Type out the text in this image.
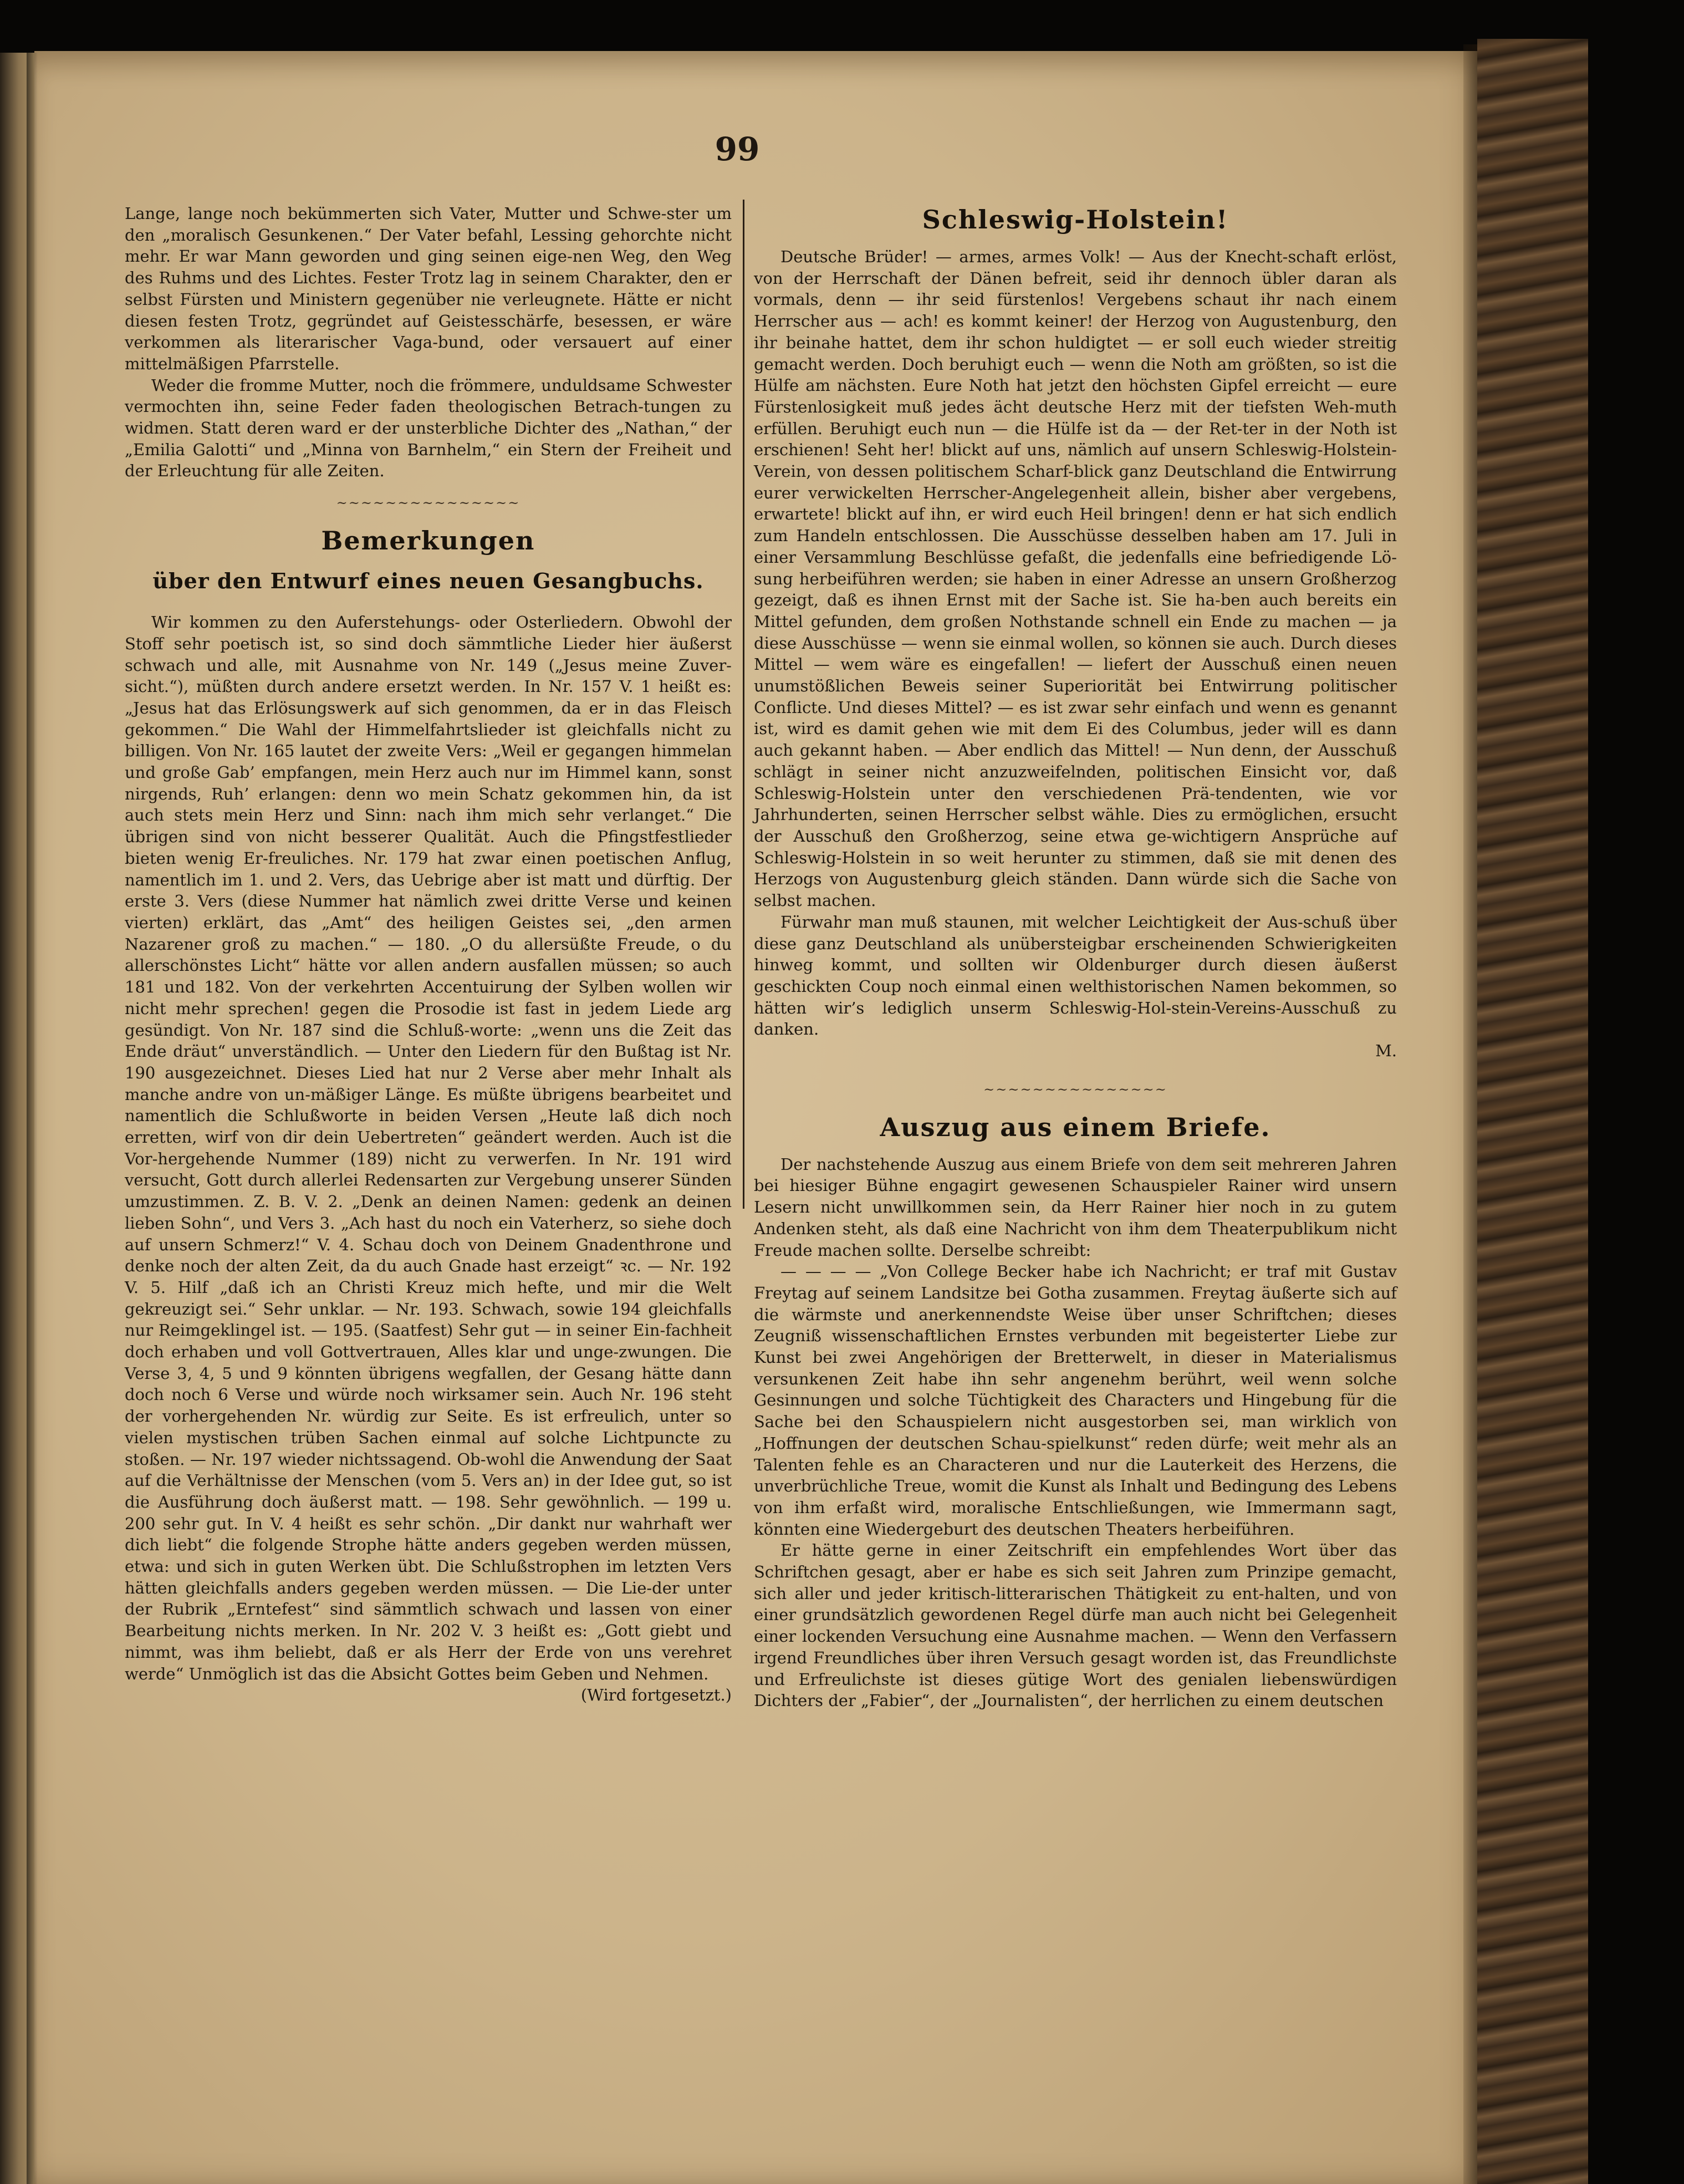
99

Lange, lange noch bekümmerten sich Vater, Mutter und Schwe-ster um den „moralisch Gesunkenen.“ Der Vater befahl, Lessing gehorchte nicht mehr. Er war Mann geworden und ging seinen eige-nen Weg, den Weg des Ruhms und des Lichtes. Fester Trotz lag in seinem Charakter, den er selbst Fürsten und Ministern gegenüber nie verleugnete. Hätte er nicht diesen festen Trotz, gegründet auf Geistesschärfe, besessen, er wäre verkommen als literarischer Vaga-bund, oder versauert auf einer mittelmäßigen Pfarrstelle.

Weder die fromme Mutter, noch die frömmere, unduldsame Schwester vermochten ihn, seine Feder faden theologischen Betrach-tungen zu widmen. Statt deren ward er der unsterbliche Dichter des „Nathan,“ der „Emilia Galotti“ und „Minna von Barnhelm,“ ein Stern der Freiheit und der Erleuchtung für alle Zeiten.

~~~~~~~~~~~~~~~
Bemerkungen
über den Entwurf eines neuen Gesangbuchs.

Wir kommen zu den Auferstehungs- oder Osterliedern. Obwohl der Stoff sehr poetisch ist, so sind doch sämmtliche Lieder hier äußerst schwach und alle, mit Ausnahme von Nr. 149 („Jesus meine Zuver-sicht.“), müßten durch andere ersetzt werden. In Nr. 157 V. 1 heißt es: „Jesus hat das Erlösungswerk auf sich genommen, da er in das Fleisch gekommen.“ Die Wahl der Himmelfahrtslieder ist gleichfalls nicht zu billigen. Von Nr. 165 lautet der zweite Vers: „Weil er gegangen himmelan und große Gab’ empfangen, mein Herz auch nur im Himmel kann, sonst nirgends, Ruh’ erlangen: denn wo mein Schatz gekommen hin, da ist auch stets mein Herz und Sinn: nach ihm mich sehr verlanget.“ Die übrigen sind von nicht besserer Qualität. Auch die Pfingstfestlieder bieten wenig Er-freuliches. Nr. 179 hat zwar einen poetischen Anflug, namentlich im 1. und 2. Vers, das Uebrige aber ist matt und dürftig. Der erste 3. Vers (diese Nummer hat nämlich zwei dritte Verse und keinen vierten) erklärt, das „Amt“ des heiligen Geistes sei, „den armen Nazarener groß zu machen.“ — 180. „O du allersüßte Freude, o du allerschönstes Licht“ hätte vor allen andern ausfallen müssen; so auch 181 und 182. Von der verkehrten Accentuirung der Sylben wollen wir nicht mehr sprechen! gegen die Prosodie ist fast in jedem Liede arg gesündigt. Von Nr. 187 sind die Schluß-worte: „wenn uns die Zeit das Ende dräut“ unverständlich. — Unter den Liedern für den Bußtag ist Nr. 190 ausgezeichnet. Dieses Lied hat nur 2 Verse aber mehr Inhalt als manche andre von un-mäßiger Länge. Es müßte übrigens bearbeitet und namentlich die Schlußworte in beiden Versen „Heute laß dich noch erretten, wirf von dir dein Uebertreten“ geändert werden. Auch ist die Vor-hergehende Nummer (189) nicht zu verwerfen. In Nr. 191 wird versucht, Gott durch allerlei Redensarten zur Vergebung unserer Sünden umzustimmen. Z. B. V. 2. „Denk an deinen Namen: gedenk an deinen lieben Sohn“, und Vers 3. „Ach hast du noch ein Vaterherz, so siehe doch auf unsern Schmerz!“ V. 4. Schau doch von Deinem Gnadenthrone und denke noch der alten Zeit, da du auch Gnade hast erzeigt“ ꝛc. — Nr. 192 V. 5. Hilf „daß ich an Christi Kreuz mich hefte, und mir die Welt gekreuzigt sei.“ Sehr unklar. — Nr. 193. Schwach, sowie 194 gleichfalls nur Reimgeklingel ist. — 195. (Saatfest) Sehr gut — in seiner Ein-fachheit doch erhaben und voll Gottvertrauen, Alles klar und unge-zwungen. Die Verse 3, 4, 5 und 9 könnten übrigens wegfallen, der Gesang hätte dann doch noch 6 Verse und würde noch wirksamer sein. Auch Nr. 196 steht der vorhergehenden Nr. würdig zur Seite. Es ist erfreulich, unter so vielen mystischen trüben Sachen einmal auf solche Lichtpuncte zu stoßen. — Nr. 197 wieder nichtssagend. Ob-wohl die Anwendung der Saat auf die Verhältnisse der Menschen (vom 5. Vers an) in der Idee gut, so ist die Ausführung doch äußerst matt. — 198. Sehr gewöhnlich. — 199 u. 200 sehr gut. In V. 4 heißt es sehr schön. „Dir dankt nur wahrhaft wer dich liebt“ die folgende Strophe hätte anders gegeben werden müssen, etwa: und sich in guten Werken übt. Die Schlußstrophen im letzten Vers hätten gleichfalls anders gegeben werden müssen. — Die Lie-der unter der Rubrik „Erntefest“ sind sämmtlich schwach und lassen von einer Bearbeitung nichts merken. In Nr. 202 V. 3 heißt es: „Gott giebt und nimmt, was ihm beliebt, daß er als Herr der Erde von uns verehret werde“ Unmöglich ist das die Absicht Gottes beim Geben und Nehmen.

(Wird fortgesetzt.)

Schleswig-Holstein!

Deutsche Brüder! — armes, armes Volk! — Aus der Knecht-schaft erlöst, von der Herrschaft der Dänen befreit, seid ihr dennoch übler daran als vormals, denn — ihr seid fürstenlos! Vergebens schaut ihr nach einem Herrscher aus — ach! es kommt keiner! der Herzog von Augustenburg, den ihr beinahe hattet, dem ihr schon huldigtet — er soll euch wieder streitig gemacht werden. Doch beruhigt euch — wenn die Noth am größten, so ist die Hülfe am nächsten. Eure Noth hat jetzt den höchsten Gipfel erreicht — eure Fürstenlosigkeit muß jedes ächt deutsche Herz mit der tiefsten Weh-muth erfüllen. Beruhigt euch nun — die Hülfe ist da — der Ret-ter in der Noth ist erschienen! Seht her! blickt auf uns, nämlich auf unsern Schleswig-Holstein-Verein, von dessen politischem Scharf-blick ganz Deutschland die Entwirrung eurer verwickelten Herrscher-Angelegenheit allein, bisher aber vergebens, erwartete! blickt auf ihn, er wird euch Heil bringen! denn er hat sich endlich zum Handeln entschlossen. Die Ausschüsse desselben haben am 17. Juli in einer Versammlung Beschlüsse gefaßt, die jedenfalls eine befriedigende Lö-sung herbeiführen werden; sie haben in einer Adresse an unsern Großherzog gezeigt, daß es ihnen Ernst mit der Sache ist. Sie ha-ben auch bereits ein Mittel gefunden, dem großen Nothstande schnell ein Ende zu machen — ja diese Ausschüsse — wenn sie einmal wollen, so können sie auch. Durch dieses Mittel — wem wäre es eingefallen! — liefert der Ausschuß einen neuen unumstößlichen Beweis seiner Superiorität bei Entwirrung politischer Conflicte. Und dieses Mittel? — es ist zwar sehr einfach und wenn es genannt ist, wird es damit gehen wie mit dem Ei des Columbus, jeder will es dann auch gekannt haben. — Aber endlich das Mittel! — Nun denn, der Ausschuß schlägt in seiner nicht anzuzweifelnden, politischen Einsicht vor, daß Schleswig-Holstein unter den verschiedenen Prä-tendenten, wie vor Jahrhunderten, seinen Herrscher selbst wähle. Dies zu ermöglichen, ersucht der Ausschuß den Großherzog, seine etwa ge-wichtigern Ansprüche auf Schleswig-Holstein in so weit herunter zu stimmen, daß sie mit denen des Herzogs von Augustenburg gleich ständen. Dann würde sich die Sache von selbst machen.

Fürwahr man muß staunen, mit welcher Leichtigkeit der Aus-schuß über diese ganz Deutschland als unübersteigbar erscheinenden Schwierigkeiten hinweg kommt, und sollten wir Oldenburger durch diesen äußerst geschickten Coup noch einmal einen welthistorischen Namen bekommen, so hätten wir’s lediglich unserm Schleswig-Hol-stein-Vereins-Ausschuß zu danken.

M.

~~~~~~~~~~~~~~~
Auszug aus einem Briefe.

Der nachstehende Auszug aus einem Briefe von dem seit mehreren Jahren bei hiesiger Bühne engagirt gewesenen Schauspieler Rainer wird unsern Lesern nicht unwillkommen sein, da Herr Rainer hier noch in zu gutem Andenken steht, als daß eine Nachricht von ihm dem Theaterpublikum nicht Freude machen sollte. Derselbe schreibt:

— — — — „Von College Becker habe ich Nachricht; er traf mit Gustav Freytag auf seinem Landsitze bei Gotha zusammen. Freytag äußerte sich auf die wärmste und anerkennendste Weise über unser Schriftchen; dieses Zeugniß wissenschaftlichen Ernstes verbunden mit begeisterter Liebe zur Kunst bei zwei Angehörigen der Bretterwelt, in dieser in Materialismus versunkenen Zeit habe ihn sehr angenehm berührt, weil wenn solche Gesinnungen und solche Tüchtigkeit des Characters und Hingebung für die Sache bei den Schauspielern nicht ausgestorben sei, man wirklich von „Hoffnungen der deutschen Schau-spielkunst“ reden dürfe; weit mehr als an Talenten fehle es an Characteren und nur die Lauterkeit des Herzens, die unverbrüchliche Treue, womit die Kunst als Inhalt und Bedingung des Lebens von ihm erfaßt wird, moralische Entschließungen, wie Immermann sagt, könnten eine Wiedergeburt des deutschen Theaters herbeiführen.

Er hätte gerne in einer Zeitschrift ein empfehlendes Wort über das Schriftchen gesagt, aber er habe es sich seit Jahren zum Prinzipe gemacht, sich aller und jeder kritisch-litterarischen Thätigkeit zu ent-halten, und von einer grundsätzlich gewordenen Regel dürfe man auch nicht bei Gelegenheit einer lockenden Versuchung eine Ausnahme machen. — Wenn den Verfassern irgend Freundliches über ihren Versuch gesagt worden ist, das Freundlichste und Erfreulichste ist dieses gütige Wort des genialen liebenswürdigen Dichters der „Fabier“, der „Journalisten“, der herrlichen zu einem deutschen
